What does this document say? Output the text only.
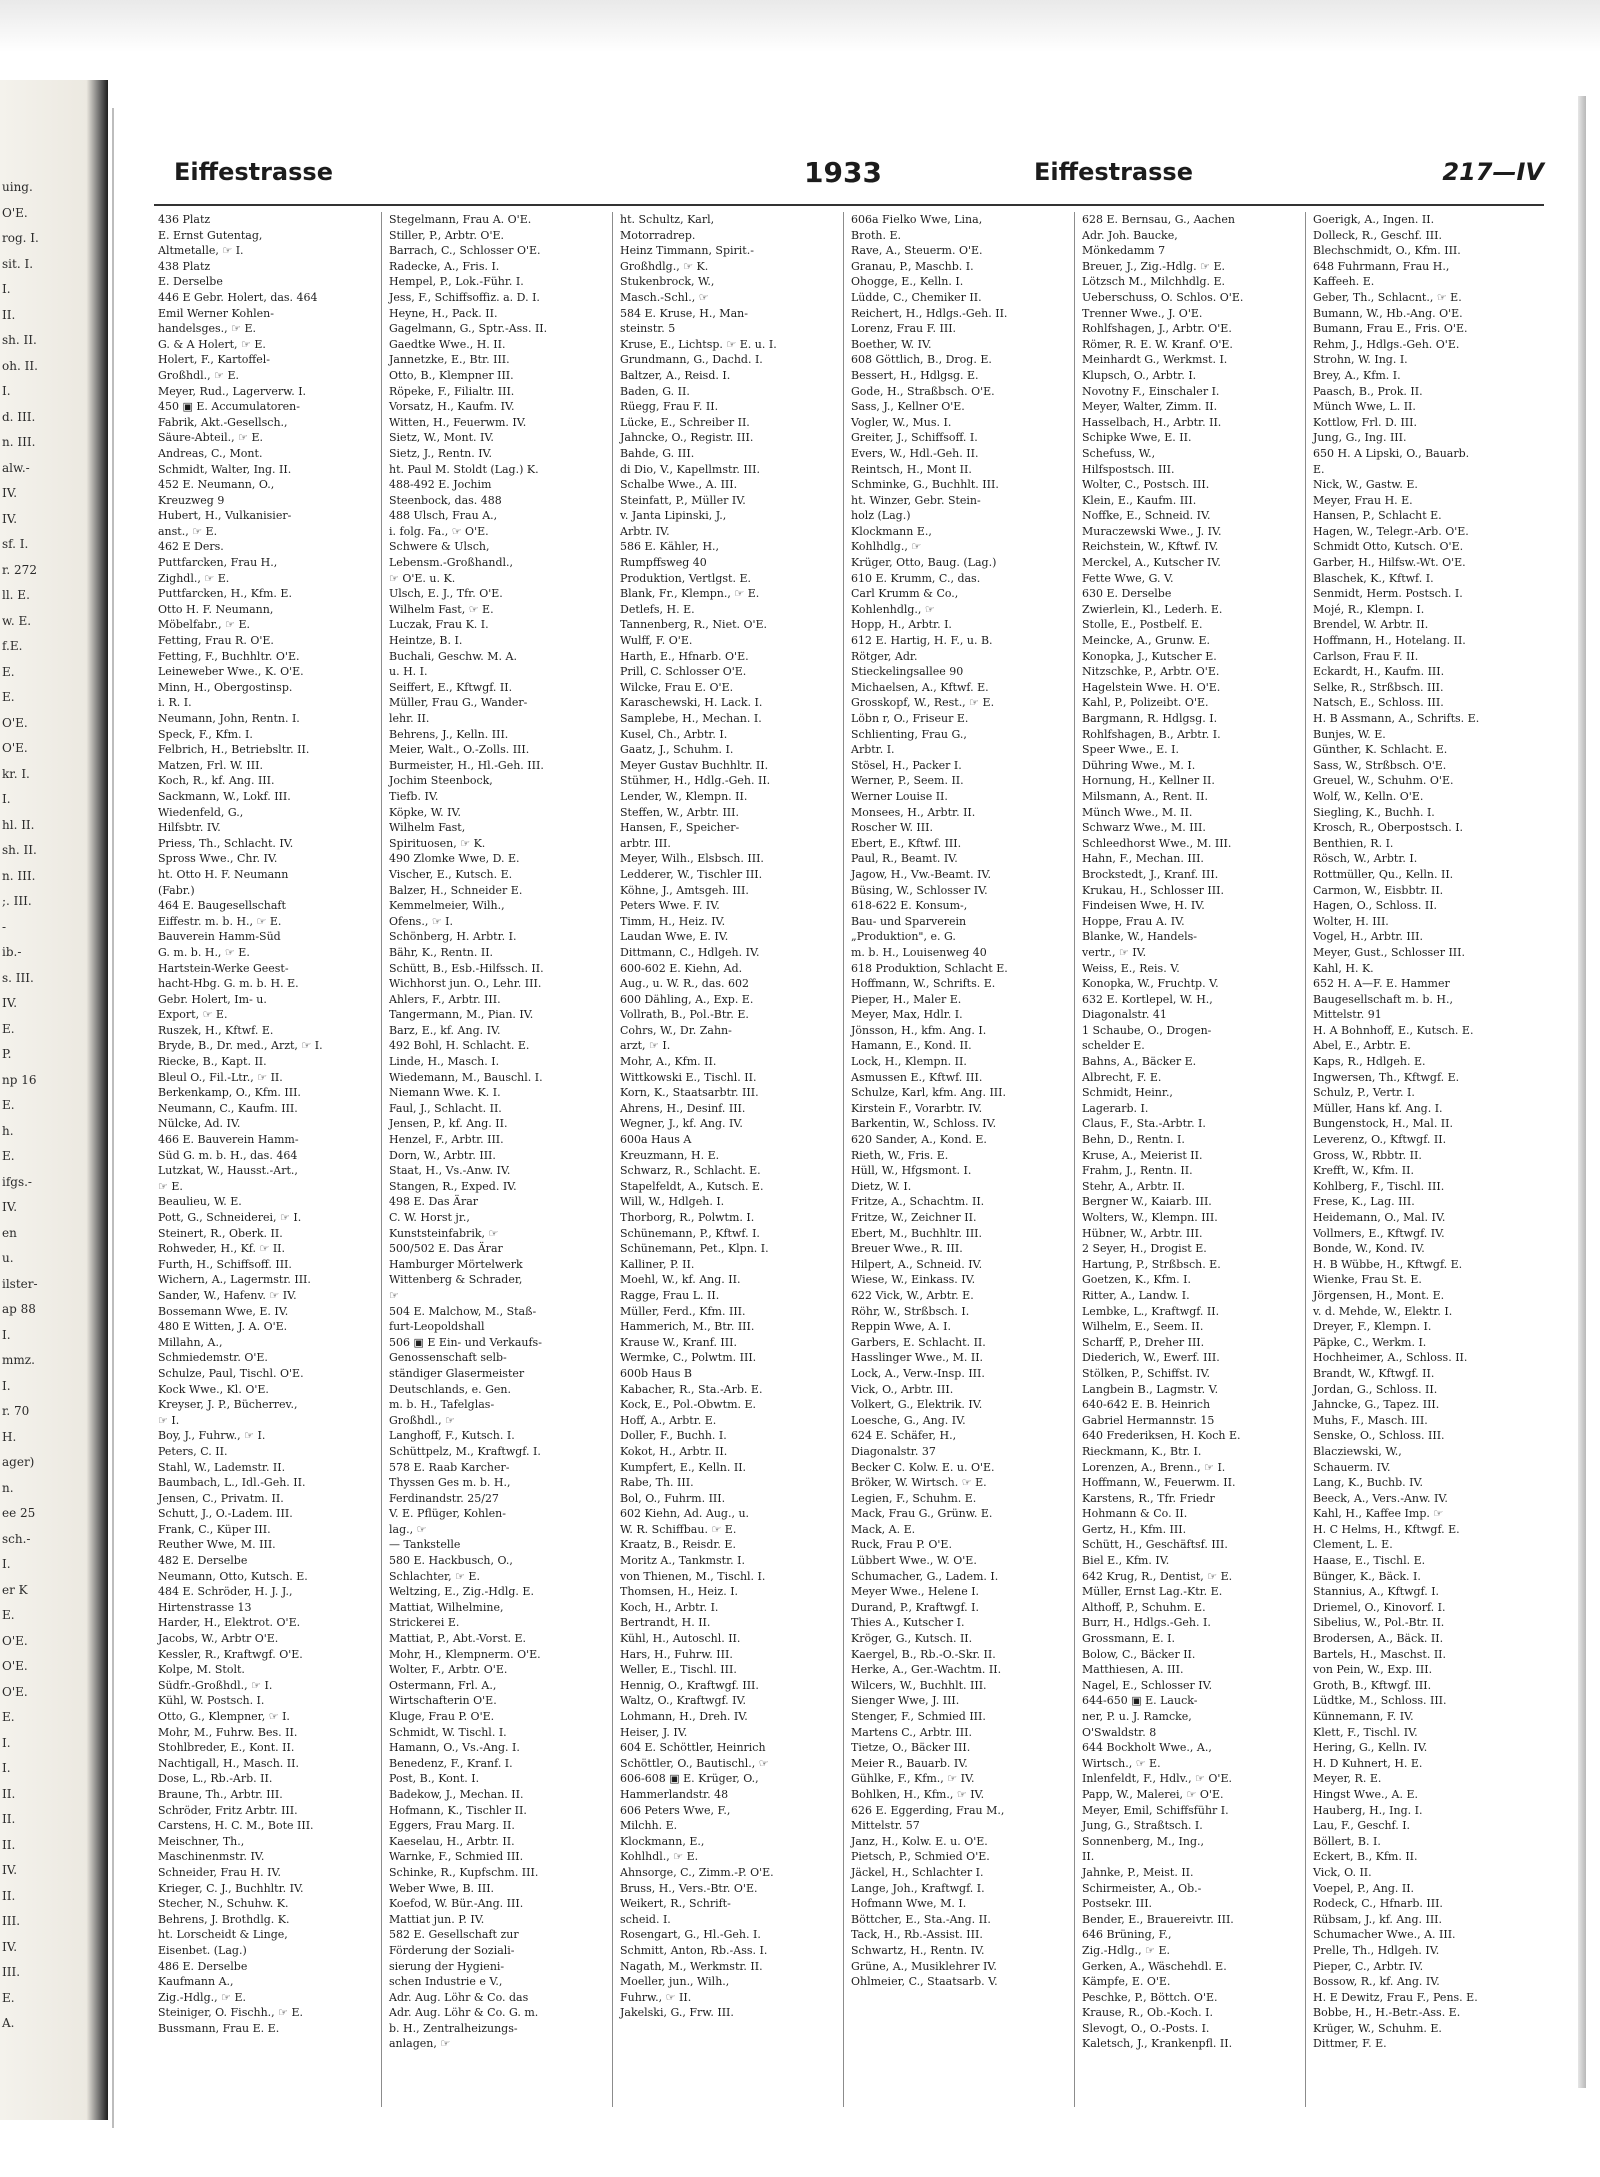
uing.
O'E.
rog. I.
sit. I.
I.
II.
sh. II.
oh. II.
I.
d. III.
n. III.
alw.-
IV.
IV.
sf. I.
r. 272
ll. E.
w. E.
f.E.
E.
E.
O'E.
O'E.
kr. I.
I.
hl. II.
sh. II.
n. III.
;. III.
-
ib.-
s. III.
IV.
E.
P.
np 16
E.
h.
E.
ifgs.-
IV.
en
u.
ilster-
ap 88
I.
mmz.
I.
r. 70
H.
ager)
n.
ee 25
sch.-
I.
er K
E.
O'E.
O'E.
O'E.
E.
I.
I.
II.
II.
II.
IV.
II.
III.
IV.
III.
E.
A.
Eiffestrasse	1933	Eiffestrasse	217—IV
436 Platz
E. Ernst Gutentag,
Altmetalle, ☞ I.
438 Platz
E. Derselbe
446 E Gebr. Holert, das. 464
Emil Werner Kohlen-
handelsges., ☞ E.
G. & A Holert, ☞ E.
Holert, F., Kartoffel-
Großhdl., ☞ E.
Meyer, Rud., Lagerverw. I.
450 ▣ E. Accumulatoren-
Fabrik, Akt.-Gesellsch.,
Säure-Abteil., ☞ E.
Andreas, C., Mont.
Schmidt, Walter, Ing. II.
452 E. Neumann, O.,
Kreuzweg 9
Hubert, H., Vulkanisier-
anst., ☞ E.
462 E Ders.
Puttfarcken, Frau H.,
Zighdl., ☞ E.
Puttfarcken, H., Kfm. E.
Otto H. F. Neumann,
Möbelfabr., ☞ E.
Fetting, Frau R. O'E.
Fetting, F., Buchhltr. O'E.
Leineweber Wwe., K. O'E.
Minn, H., Obergostinsp.
i. R. I.
Neumann, John, Rentn. I.
Speck, F., Kfm. I.
Felbrich, H., Betriebsltr. II.
Matzen, Frl. W. III.
Koch, R., kf. Ang. III.
Sackmann, W., Lokf. III.
Wiedenfeld, G.,
Hilfsbtr. IV.
Priess, Th., Schlacht. IV.
Spross Wwe., Chr. IV.
ht. Otto H. F. Neumann
(Fabr.)
464 E. Baugesellschaft
Eiffestr. m. b. H., ☞ E.
Bauverein Hamm-Süd
G. m. b. H., ☞ E.
Hartstein-Werke Geest-
hacht-Hbg. G. m. b. H. E.
Gebr. Holert, Im- u.
Export, ☞ E.
Ruszek, H., Kftwf. E.
Bryde, B., Dr. med., Arzt, ☞ I.
Riecke, B., Kapt. II.
Bleul O., Fil.-Ltr., ☞ II.
Berkenkamp, O., Kfm. III.
Neumann, C., Kaufm. III.
Nülcke, Ad. IV.
466 E. Bauverein Hamm-
Süd G. m. b. H., das. 464
Lutzkat, W., Hausst.-Art.,
☞ E.
Beaulieu, W. E.
Pott, G., Schneiderei, ☞ I.
Steinert, R., Oberk. II.
Rohweder, H., Kf. ☞ II.
Furth, H., Schiffsoff. III.
Wichern, A., Lagermstr. III.
Sander, W., Hafenv. ☞ IV.
Bossemann Wwe, E. IV.
480 E Witten, J. A. O'E.
Millahn, A.,
Schmiedemstr. O'E.
Schulze, Paul, Tischl. O'E.
Kock Wwe., Kl. O'E.
Kreyser, J. P., Bücherrev.,
☞ I.
Boy, J., Fuhrw., ☞ I.
Peters, C. II.
Stahl, W., Lademstr. II.
Baumbach, L., Idl.-Geh. II.
Jensen, C., Privatm. II.
Schutt, J., O.-Ladem. III.
Frank, C., Küper III.
Reuther Wwe, M. III.
482 E. Derselbe
Neumann, Otto, Kutsch. E.
484 E. Schröder, H. J. J.,
Hirtenstrasse 13
Harder, H., Elektrot. O'E.
Jacobs, W., Arbtr O'E.
Kessler, R., Kraftwgf. O'E.
Kolpe, M. Stolt.
Südfr.-Großhdl., ☞ I.
Kühl, W. Postsch. I.
Otto, G., Klempner, ☞ I.
Mohr, M., Fuhrw. Bes. II.
Stohlbreder, E., Kont. II.
Nachtigall, H., Masch. II.
Dose, L., Rb.-Arb. II.
Braune, Th., Arbtr. III.
Schröder, Fritz Arbtr. III.
Carstens, H. C. M., Bote III.
Meischner, Th.,
Maschinenmstr. IV.
Schneider, Frau H. IV.
Krieger, C. J., Buchhltr. IV.
Stecher, N., Schuhw. K.
Behrens, J. Brothdlg. K.
ht. Lorscheidt & Linge,
Eisenbet. (Lag.)
486 E. Derselbe
Kaufmann A.,
Zig.-Hdlg., ☞ E.
Steiniger, O. Fischh., ☞ E.
Bussmann, Frau E. E.
Stegelmann, Frau A. O'E.
Stiller, P., Arbtr. O'E.
Barrach, C., Schlosser O'E.
Radecke, A., Fris. I.
Hempel, P., Lok.-Führ. I.
Jess, F., Schiffsoffiz. a. D. I.
Heyne, H., Pack. II.
Gagelmann, G., Sptr.-Ass. II.
Gaedtke Wwe., H. II.
Jannetzke, E., Btr. III.
Otto, B., Klempner III.
Röpeke, F., Filialtr. III.
Vorsatz, H., Kaufm. IV.
Witten, H., Feuerwm. IV.
Sietz, W., Mont. IV.
Sietz, J., Rentn. IV.
ht. Paul M. Stoldt (Lag.) K.
488-492 E. Jochim
Steenbock, das. 488
488 Ulsch, Frau A.,
i. folg. Fa., ☞ O'E.
Schwere & Ulsch,
Lebensm.-Großhandl.,
☞ O'E. u. K.
Ulsch, E. J., Tfr. O'E.
Wilhelm Fast, ☞ E.
Luczak, Frau K. I.
Heintze, B. I.
Buchali, Geschw. M. A.
u. H. I.
Seiffert, E., Kftwgf. II.
Müller, Frau G., Wander-
lehr. II.
Behrens, J., Kelln. III.
Meier, Walt., O.-Zolls. III.
Burmeister, H., Hl.-Geh. III.
Jochim Steenbock,
Tiefb. IV.
Köpke, W. IV.
Wilhelm Fast,
Spirituosen, ☞ K.
490 Zlomke Wwe, D. E.
Vischer, E., Kutsch. E.
Balzer, H., Schneider E.
Kemmelmeier, Wilh.,
Ofens., ☞ I.
Schönberg, H. Arbtr. I.
Bähr, K., Rentn. II.
Schütt, B., Esb.-Hilfssch. II.
Wichhorst jun. O., Lehr. III.
Ahlers, F., Arbtr. III.
Tangermann, M., Pian. IV.
Barz, E., kf. Ang. IV.
492 Bohl, H. Schlacht. E.
Linde, H., Masch. I.
Wiedemann, M., Bauschl. I.
Niemann Wwe. K. I.
Faul, J., Schlacht. II.
Jensen, P., kf. Ang. II.
Henzel, F., Arbtr. III.
Dorn, W., Arbtr. III.
Staat, H., Vs.-Anw. IV.
Stangen, R., Exped. IV.
498 E. Das Ärar
C. W. Horst jr.,
Kunststeinfabrik, ☞
500/502 E. Das Ärar
Hamburger Mörtelwerk
Wittenberg & Schrader,
☞
504 E. Malchow, M., Staß-
furt-Leopoldshall
506 ▣ E Ein- und Verkaufs-
Genossenschaft selb-
ständiger Glasermeister
Deutschlands, e. Gen.
m. b. H., Tafelglas-
Großhdl., ☞
Langhoff, F., Kutsch. I.
Schüttpelz, M., Kraftwgf. I.
578 E. Raab Karcher-
Thyssen Ges m. b. H.,
Ferdinandstr. 25/27
V. E. Pflüger, Kohlen-
lag., ☞
— Tankstelle
580 E. Hackbusch, O.,
Schlachter, ☞ E.
Weltzing, E., Zig.-Hdlg. E.
Mattiat, Wilhelmine,
Strickerei E.
Mattiat, P., Abt.-Vorst. E.
Mohr, H., Klempnerm. O'E.
Wolter, F., Arbtr. O'E.
Ostermann, Frl. A.,
Wirtschafterin O'E.
Kluge, Frau P. O'E.
Schmidt, W. Tischl. I.
Hamann, O., Vs.-Ang. I.
Benedenz, F., Kranf. I.
Post, B., Kont. I.
Badekow, J., Mechan. II.
Hofmann, K., Tischler II.
Eggers, Frau Marg. II.
Kaeselau, H., Arbtr. II.
Warnke, F., Schmied III.
Schinke, R., Kupfschm. III.
Weber Wwe, B. III.
Koefod, W. Bür.-Ang. III.
Mattiat jun. P. IV.
582 E. Gesellschaft zur
Förderung der Soziali-
sierung der Hygieni-
schen Industrie e V.,
Adr. Aug. Löhr & Co. das
Adr. Aug. Löhr & Co. G. m.
b. H., Zentralheizungs-
anlagen, ☞
ht. Schultz, Karl,
Motorradrep.
Heinz Timmann, Spirit.-
Großhdlg., ☞ K.
Stukenbrock, W.,
Masch.-Schl., ☞
584 E. Kruse, H., Man-
steinstr. 5
Kruse, E., Lichtsp. ☞ E. u. I.
Grundmann, G., Dachd. I.
Baltzer, A., Reisd. I.
Baden, G. II.
Rüegg, Frau F. II.
Lücke, E., Schreiber II.
Jahncke, O., Registr. III.
Bahde, G. III.
di Dio, V., Kapellmstr. III.
Schalbe Wwe., A. III.
Steinfatt, P., Müller IV.
v. Janta Lipinski, J.,
Arbtr. IV.
586 E. Kähler, H.,
Rumpffsweg 40
Produktion, Vertlgst. E.
Blank, Fr., Klempn., ☞ E.
Detlefs, H. E.
Tannenberg, R., Niet. O'E.
Wulff, F. O'E.
Harth, E., Hfnarb. O'E.
Prill, C. Schlosser O'E.
Wilcke, Frau E. O'E.
Karaschewski, H. Lack. I.
Samplebe, H., Mechan. I.
Kusel, Ch., Arbtr. I.
Gaatz, J., Schuhm. I.
Meyer Gustav Buchhltr. II.
Stühmer, H., Hdlg.-Geh. II.
Lender, W., Klempn. II.
Steffen, W., Arbtr. III.
Hansen, F., Speicher-
arbtr. III.
Meyer, Wilh., Elsbsch. III.
Ledderer, W., Tischler III.
Köhne, J., Amtsgeh. III.
Peters Wwe. F. IV.
Timm, H., Heiz. IV.
Laudan Wwe, E. IV.
Dittmann, C., Hdlgeh. IV.
600-602 E. Kiehn, Ad.
Aug., u. W. R., das. 602
600 Dähling, A., Exp. E.
Vollrath, B., Pol.-Btr. E.
Cohrs, W., Dr. Zahn-
arzt, ☞ I.
Mohr, A., Kfm. II.
Wittkowski E., Tischl. II.
Korn, K., Staatsarbtr. III.
Ahrens, H., Desinf. III.
Wegner, J., kf. Ang. IV.
600a Haus A
Kreuzmann, H. E.
Schwarz, R., Schlacht. E.
Stapelfeldt, A., Kutsch. E.
Will, W., Hdlgeh. I.
Thorborg, R., Polwtm. I.
Schünemann, P., Kftwf. I.
Schünemann, Pet., Klpn. I.
Kalliner, P. II.
Moehl, W., kf. Ang. II.
Ragge, Frau L. II.
Müller, Ferd., Kfm. III.
Hammerich, M., Btr. III.
Krause W., Kranf. III.
Wermke, C., Polwtm. III.
600b Haus B
Kabacher, R., Sta.-Arb. E.
Kock, E., Pol.-Obwtm. E.
Hoff, A., Arbtr. E.
Doller, F., Buchh. I.
Kokot, H., Arbtr. II.
Kumpfert, E., Kelln. II.
Rabe, Th. III.
Bol, O., Fuhrm. III.
602 Kiehn, Ad. Aug., u.
W. R. Schiffbau. ☞ E.
Kraatz, B., Reisdr. E.
Moritz A., Tankmstr. I.
von Thienen, M., Tischl. I.
Thomsen, H., Heiz. I.
Koch, H., Arbtr. I.
Bertrandt, H. II.
Kühl, H., Autoschl. II.
Hars, H., Fuhrw. III.
Weller, E., Tischl. III.
Hennig, O., Kraftwgf. III.
Waltz, O., Kraftwgf. IV.
Lohmann, H., Dreh. IV.
Heiser, J. IV.
604 E. Schöttler, Heinrich
Schöttler, O., Bautischl., ☞
606-608 ▣ E. Krüger, O.,
Hammerlandstr. 48
606 Peters Wwe, F.,
Milchh. E.
Klockmann, E.,
Kohlhdl., ☞ E.
Ahnsorge, C., Zimm.-P. O'E.
Bruss, H., Vers.-Btr. O'E.
Weikert, R., Schrift-
scheid. I.
Rosengart, G., Hl.-Geh. I.
Schmitt, Anton, Rb.-Ass. I.
Nagath, M., Werkmstr. II.
Moeller, jun., Wilh.,
Fuhrw., ☞ II.
Jakelski, G., Frw. III.
606a Fielko Wwe, Lina,
Broth. E.
Rave, A., Steuerm. O'E.
Granau, P., Maschb. I.
Ohogge, E., Kelln. I.
Lüdde, C., Chemiker II.
Reichert, H., Hdlgs.-Geh. II.
Lorenz, Frau F. III.
Boether, W. IV.
608 Göttlich, B., Drog. E.
Bessert, H., Hdlgsg. E.
Gode, H., Straßbsch. O'E.
Sass, J., Kellner O'E.
Vogler, W., Mus. I.
Greiter, J., Schiffsoff. I.
Evers, W., Hdl.-Geh. II.
Reintsch, H., Mont II.
Schminke, G., Buchhlt. III.
ht. Winzer, Gebr. Stein-
holz (Lag.)
Klockmann E.,
Kohlhdlg., ☞
Krüger, Otto, Baug. (Lag.)
610 E. Krumm, C., das.
Carl Krumm & Co.,
Kohlenhdlg., ☞
Hopp, H., Arbtr. I.
612 E. Hartig, H. F., u. B.
Rötger, Adr.
Stieckelingsallee 90
Michaelsen, A., Kftwf. E.
Grosskopf, W., Rest., ☞ E.
Löbn r, O., Friseur E.
Schlienting, Frau G.,
Arbtr. I.
Stösel, H., Packer I.
Werner, P., Seem. II.
Werner Louise II.
Monsees, H., Arbtr. II.
Roscher W. III.
Ebert, E., Kftwf. III.
Paul, R., Beamt. IV.
Jagow, H., Vw.-Beamt. IV.
Büsing, W., Schlosser IV.
618-622 E. Konsum-,
Bau- und Sparverein
„Produktion", e. G.
m. b. H., Louisenweg 40
618 Produktion, Schlacht E.
Hoffmann, W., Schrifts. E.
Pieper, H., Maler E.
Meyer, Max, Hdlr. I.
Jönsson, H., kfm. Ang. I.
Hamann, E., Kond. II.
Lock, H., Klempn. II.
Asmussen E., Kftwf. III.
Schulze, Karl, kfm. Ang. III.
Kirstein F., Vorarbtr. IV.
Barkentin, W., Schloss. IV.
620 Sander, A., Kond. E.
Rieth, W., Fris. E.
Hüll, W., Hfgsmont. I.
Dietz, W. I.
Fritze, A., Schachtm. II.
Fritze, W., Zeichner II.
Ebert, M., Buchhltr. III.
Breuer Wwe., R. III.
Hilpert, A., Schneid. IV.
Wiese, W., Einkass. IV.
622 Vick, W., Arbtr. E.
Röhr, W., Strßbsch. I.
Reppin Wwe, A. I.
Garbers, E. Schlacht. II.
Hasslinger Wwe., M. II.
Lock, A., Verw.-Insp. III.
Vick, O., Arbtr. III.
Volkert, G., Elektrik. IV.
Loesche, G., Ang. IV.
624 E. Schäfer, H.,
Diagonalstr. 37
Becker C. Kolw. E. u. O'E.
Bröker, W. Wirtsch. ☞ E.
Legien, F., Schuhm. E.
Mack, Frau G., Grünw. E.
Mack, A. E.
Ruck, Frau P. O'E.
Lübbert Wwe., W. O'E.
Schumacher, G., Ladem. I.
Meyer Wwe., Helene I.
Durand, P., Kraftwgf. I.
Thies A., Kutscher I.
Kröger, G., Kutsch. II.
Kaergel, B., Rb.-O.-Skr. II.
Herke, A., Ger.-Wachtm. II.
Wilcers, W., Buchhlt. III.
Sienger Wwe, J. III.
Stenger, F., Schmied III.
Martens C., Arbtr. III.
Tietze, O., Bäcker III.
Meier R., Bauarb. IV.
Gühlke, F., Kfm., ☞ IV.
Bohlken, H., Kfm., ☞ IV.
626 E. Eggerding, Frau M.,
Mittelstr. 57
Janz, H., Kolw. E. u. O'E.
Pietsch, P., Schmied O'E.
Jäckel, H., Schlachter I.
Lange, Joh., Kraftwgf. I.
Hofmann Wwe, M. I.
Böttcher, E., Sta.-Ang. II.
Tack, H., Rb.-Assist. III.
Schwartz, H., Rentn. IV.
Grüne, A., Musiklehrer IV.
Ohlmeier, C., Staatsarb. V.
628 E. Bernsau, G., Aachen
Adr. Joh. Baucke,
Mönkedamm 7
Breuer, J., Zig.-Hdlg. ☞ E.
Lötzsch M., Milchhdlg. E.
Ueberschuss, O. Schlos. O'E.
Trenner Wwe., J. O'E.
Rohlfshagen, J., Arbtr. O'E.
Römer, R. E. W. Kranf. O'E.
Meinhardt G., Werkmst. I.
Klupsch, O., Arbtr. I.
Novotny F., Einschaler I.
Meyer, Walter, Zimm. II.
Hasselbach, H., Arbtr. II.
Schipke Wwe, E. II.
Schefuss, W.,
Hilfspostsch. III.
Wolter, C., Postsch. III.
Klein, E., Kaufm. III.
Noffke, E., Schneid. IV.
Muraczewski Wwe., J. IV.
Reichstein, W., Kftwf. IV.
Merckel, A., Kutscher IV.
Fette Wwe, G. V.
630 E. Derselbe
Zwierlein, Kl., Lederh. E.
Stolle, E., Postbelf. E.
Meincke, A., Grunw. E.
Konopka, J., Kutscher E.
Nitzschke, P., Arbtr. O'E.
Hagelstein Wwe. H. O'E.
Kahl, P., Polizeibt. O'E.
Bargmann, R. Hdlgsg. I.
Rohlfshagen, B., Arbtr. I.
Speer Wwe., E. I.
Dühring Wwe., M. I.
Hornung, H., Kellner II.
Milsmann, A., Rent. II.
Münch Wwe., M. II.
Schwarz Wwe., M. III.
Schleedhorst Wwe., M. III.
Hahn, F., Mechan. III.
Brockstedt, J., Kranf. III.
Krukau, H., Schlosser III.
Findeisen Wwe, H. IV.
Hoppe, Frau A. IV.
Blanke, W., Handels-
vertr., ☞ IV.
Weiss, E., Reis. V.
Konopka, W., Fruchtp. V.
632 E. Kortlepel, W. H.,
Diagonalstr. 41
1 Schaube, O., Drogen-
schelder E.
Bahns, A., Bäcker E.
Albrecht, F. E.
Schmidt, Heinr.,
Lagerarb. I.
Claus, F., Sta.-Arbtr. I.
Behn, D., Rentn. I.
Kruse, A., Meierist II.
Frahm, J., Rentn. II.
Stehr, A., Arbtr. II.
Bergner W., Kaiarb. III.
Wolters, W., Klempn. III.
Hübner, W., Arbtr. III.
2 Seyer, H., Drogist E.
Hartung, P., Strßbsch. E.
Goetzen, K., Kfm. I.
Ritter, A., Landw. I.
Lembke, L., Kraftwgf. II.
Wilhelm, E., Seem. II.
Scharff, P., Dreher III.
Diederich, W., Ewerf. III.
Stölken, P., Schiffst. IV.
Langbein B., Lagmstr. V.
640-642 E. B. Heinrich
Gabriel Hermannstr. 15
640 Frederiksen, H. Koch E.
Rieckmann, K., Btr. I.
Lorenzen, A., Brenn., ☞ I.
Hoffmann, W., Feuerwm. II.
Karstens, R., Tfr. Friedr
Hohmann & Co. II.
Gertz, H., Kfm. III.
Schütt, H., Geschäftsf. III.
Biel E., Kfm. IV.
642 Krug, R., Dentist, ☞ E.
Müller, Ernst Lag.-Ktr. E.
Althoff, P., Schuhm. E.
Burr, H., Hdlgs.-Geh. I.
Grossmann, E. I.
Bolow, C., Bäcker II.
Matthiesen, A. III.
Nagel, E., Schlosser IV.
644-650 ▣ E. Lauck-
ner, P. u. J. Ramcke,
O'Swaldstr. 8
644 Bockholt Wwe., A.,
Wirtsch., ☞ E.
Inlenfeldt, F., Hdlv., ☞ O'E.
Papp, W., Malerei, ☞ O'E.
Meyer, Emil, Schiffsführ I.
Jung, G., Straßtsch. I.
Sonnenberg, M., Ing.,
II.
Jahnke, P., Meist. II.
Schirmeister, A., Ob.-
Postsekr. III.
Bender, E., Brauereivtr. III.
646 Brüning, F.,
Zig.-Hdlg., ☞ E.
Gerken, A., Wäschehdl. E.
Kämpfe, E. O'E.
Peschke, P., Böttch. O'E.
Krause, R., Ob.-Koch. I.
Slevogt, O., O.-Posts. I.
Kaletsch, J., Krankenpfl. II.
Goerigk, A., Ingen. II.
Dolleck, R., Geschf. III.
Blechschmidt, O., Kfm. III.
648 Fuhrmann, Frau H.,
Kaffeeh. E.
Geber, Th., Schlacnt., ☞ E.
Bumann, W., Hb.-Ang. O'E.
Bumann, Frau E., Fris. O'E.
Rehm, J., Hdlgs.-Geh. O'E.
Strohn, W. Ing. I.
Brey, A., Kfm. I.
Paasch, B., Prok. II.
Münch Wwe, L. II.
Kottlow, Frl. D. III.
Jung, G., Ing. III.
650 H. A Lipski, O., Bauarb.
E.
Nick, W., Gastw. E.
Meyer, Frau H. E.
Hansen, P., Schlacht E.
Hagen, W., Telegr.-Arb. O'E.
Schmidt Otto, Kutsch. O'E.
Garber, H., Hilfsw.-Wt. O'E.
Blaschek, K., Kftwf. I.
Senmidt, Herm. Postsch. I.
Mojé, R., Klempn. I.
Brendel, W. Arbtr. II.
Hoffmann, H., Hotelang. II.
Carlson, Frau F. II.
Eckardt, H., Kaufm. III.
Selke, R., Strßbsch. III.
Natsch, E., Schloss. III.
H. B Assmann, A., Schrifts. E.
Bunjes, W. E.
Günther, K. Schlacht. E.
Sass, W., Strßbsch. O'E.
Greuel, W., Schuhm. O'E.
Wolf, W., Kelln. O'E.
Siegling, K., Buchh. I.
Krosch, R., Oberpostsch. I.
Benthien, R. I.
Rösch, W., Arbtr. I.
Rottmüller, Qu., Kelln. II.
Carmon, W., Eisbbtr. II.
Hagen, O., Schloss. II.
Wolter, H. III.
Vogel, H., Arbtr. III.
Meyer, Gust., Schlosser III.
Kahl, H. K.
652 H. A—F. E. Hammer
Baugesellschaft m. b. H.,
Mittelstr. 91
H. A Bohnhoff, E., Kutsch. E.
Abel, E., Arbtr. E.
Kaps, R., Hdlgeh. E.
Ingwersen, Th., Kftwgf. E.
Schulz, P., Vertr. I.
Müller, Hans kf. Ang. I.
Bungenstock, H., Mal. II.
Leverenz, O., Kftwgf. II.
Gross, W., Rbbtr. II.
Krefft, W., Kfm. II.
Kohlberg, F., Tischl. III.
Frese, K., Lag. III.
Heidemann, O., Mal. IV.
Vollmers, E., Kftwgf. IV.
Bonde, W., Kond. IV.
H. B Wübbe, H., Kftwgf. E.
Wienke, Frau St. E.
Jörgensen, H., Mont. E.
v. d. Mehde, W., Elektr. I.
Dreyer, F., Klempn. I.
Päpke, C., Werkm. I.
Hochheimer, A., Schloss. II.
Brandt, W., Kftwgf. II.
Jordan, G., Schloss. II.
Jahncke, G., Tapez. III.
Muhs, F., Masch. III.
Senske, O., Schloss. III.
Blacziewski, W.,
Schauerm. IV.
Lang, K., Buchb. IV.
Beeck, A., Vers.-Anw. IV.
Kahl, H., Kaffee Imp. ☞
H. C Helms, H., Kftwgf. E.
Clement, L. E.
Haase, E., Tischl. E.
Bünger, K., Bäck. I.
Stannius, A., Kftwgf. I.
Driemel, O., Kinovorf. I.
Sibelius, W., Pol.-Btr. II.
Brodersen, A., Bäck. II.
Bartels, H., Maschst. II.
von Pein, W., Exp. III.
Groth, B., Kftwgf. III.
Lüdtke, M., Schloss. III.
Künnemann, F. IV.
Klett, F., Tischl. IV.
Hering, G., Kelln. IV.
H. D Kuhnert, H. E.
Meyer, R. E.
Hingst Wwe., A. E.
Hauberg, H., Ing. I.
Lau, F., Geschf. I.
Böllert, B. I.
Eckert, B., Kfm. II.
Vick, O. II.
Voepel, P., Ang. II.
Rodeck, C., Hfnarb. III.
Rübsam, J., kf. Ang. III.
Schumacher Wwe., A. III.
Prelle, Th., Hdlgeh. IV.
Pieper, C., Arbtr. IV.
Bossow, R., kf. Ang. IV.
H. E Dewitz, Frau F., Pens. E.
Bobbe, H., H.-Betr.-Ass. E.
Krüger, W., Schuhm. E.
Dittmer, F. E.
